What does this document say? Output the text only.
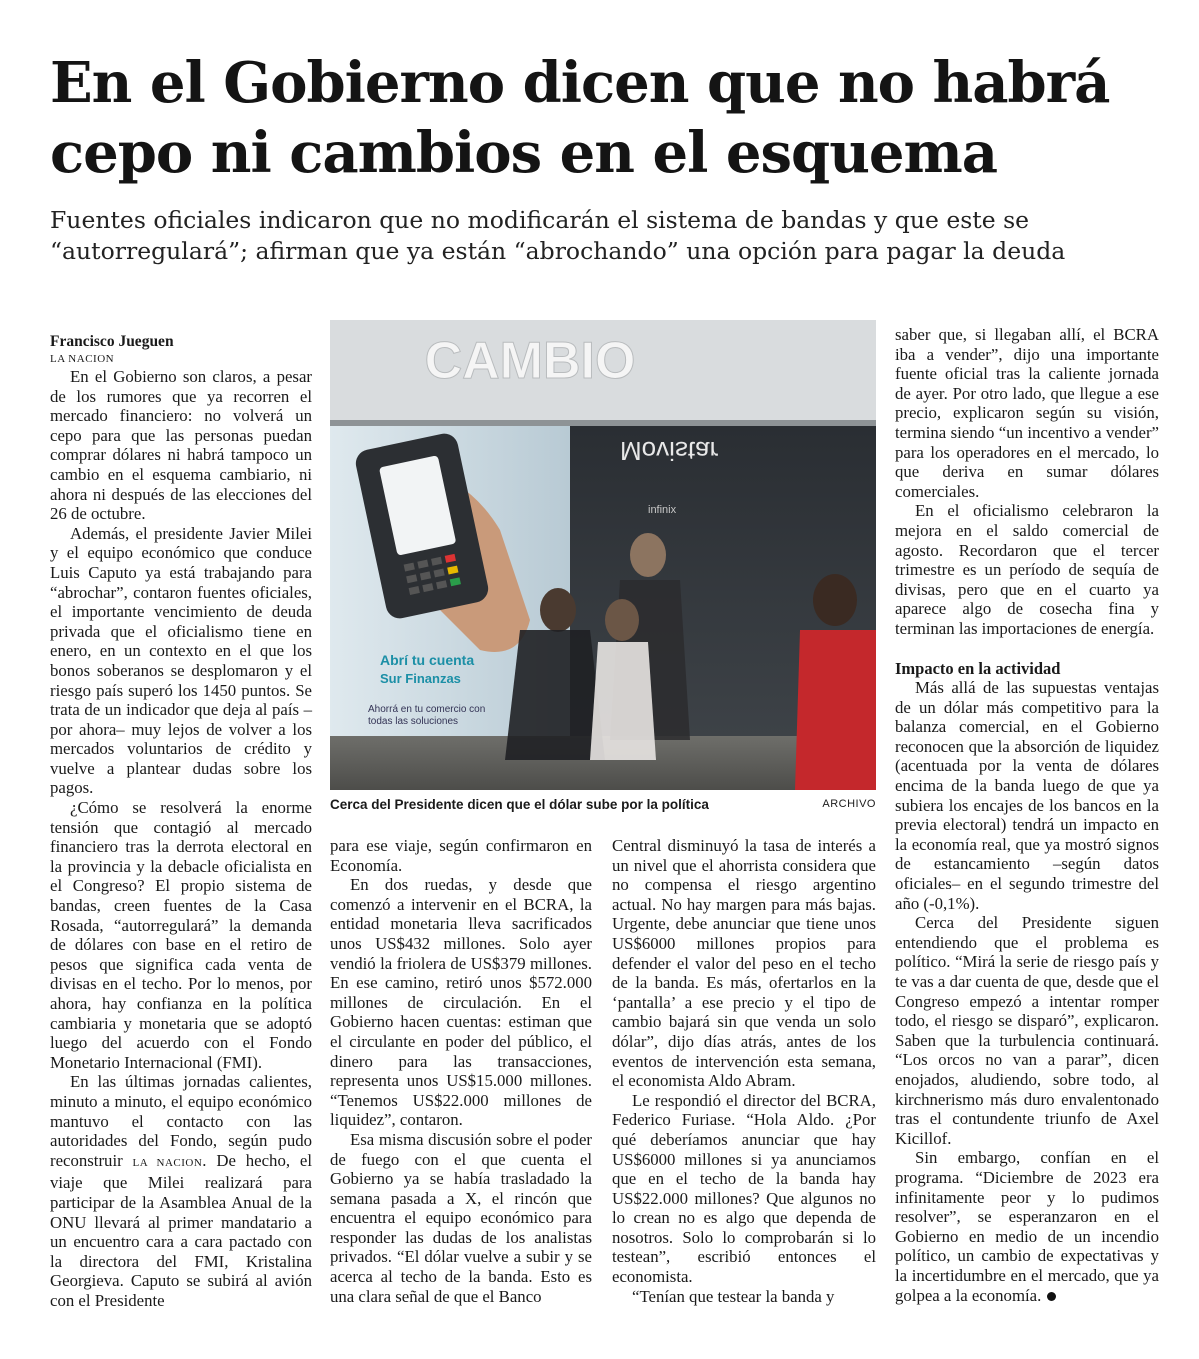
En el Gobierno dicen que no habrá cepo ni cambios en el esquema

Fuentes oficiales indicaron que no modificarán el sistema de bandas y que este se “autorregulará”; afirman que ya están “abrochando” una opción para pagar la deuda

Francisco Jueguen

LA NACION

En el Gobierno son claros, a pesar de los rumores que ya recorren el mercado financiero: no volverá un cepo para que las personas puedan comprar dólares ni habrá tampoco un cambio en el esquema cambiario, ni ahora ni después de las elecciones del 26 de octubre.

Además, el presidente Javier Milei y el equipo económico que conduce Luis Caputo ya está trabajando para “abrochar”, contaron fuentes oficiales, el importante vencimiento de deuda privada que el oficialismo tiene en enero, en un contexto en el que los bonos soberanos se desplomaron y el riesgo país superó los 1450 puntos. Se trata de un indicador que deja al país –por ahora– muy lejos de volver a los mercados voluntarios de crédito y vuelve a plantear dudas sobre los pagos.

¿Cómo se resolverá la enorme tensión que contagió al mercado financiero tras la derrota electoral en la provincia y la debacle oficialista en el Congreso? El propio sistema de bandas, creen fuentes de la Casa Rosada, “autorregulará” la demanda de dólares con base en el retiro de pesos que significa cada venta de divisas en el techo. Por lo menos, por ahora, hay confianza en la política cambiaria y monetaria que se adoptó luego del acuerdo con el Fondo Monetario Internacional (FMI).

En las últimas jornadas calientes, minuto a minuto, el equipo económico mantuvo el contacto con las autoridades del Fondo, según pudo reconstruir LA NACION. De hecho, el viaje que Milei realizará para participar de la Asamblea Anual de la ONU llevará al primer mandatario a un encuentro cara a cara pactado con la directora del FMI, Kristalina Georgieva. Caputo se subirá al avión con el Presidente

CAMBIO
Movistar
infinix
Abrí tu cuenta
Sur Finanzas
Ahorrá en tu comercio con
todas las soluciones
Cerca del Presidente dicen que el dólar sube por la política	ARCHIVO

para ese viaje, según confirmaron en Economía.

En dos ruedas, y desde que comenzó a intervenir en el BCRA, la entidad monetaria lleva sacrificados unos US$432 millones. Solo ayer vendió la friolera de US$379 millones. En ese camino, retiró unos $572.000 millones de circulación. En el Gobierno hacen cuentas: estiman que el circulante en poder del público, el dinero para las transacciones, representa unos US$15.000 millones. “Tenemos US$22.000 millones de liquidez”, contaron.

Esa misma discusión sobre el poder de fuego con el que cuenta el Gobierno ya se había trasladado la semana pasada a X, el rincón que encuentra el equipo económico para responder las dudas de los analistas privados. “El dólar vuelve a subir y se acerca al techo de la banda. Esto es una clara señal de que el Banco

Central disminuyó la tasa de interés a un nivel que el ahorrista considera que no compensa el riesgo argentino actual. No hay margen para más bajas. Urgente, debe anunciar que tiene unos US$6000 millones propios para defender el valor del peso en el techo de la banda. Es más, ofertarlos en la ‘pantalla’ a ese precio y el tipo de cambio bajará sin que venda un solo dólar”, dijo días atrás, antes de los eventos de intervención esta semana, el economista Aldo Abram.

Le respondió el director del BCRA, Federico Furiase. “Hola Aldo. ¿Por qué deberíamos anunciar que hay US$6000 millones si ya anunciamos que en el techo de la banda hay US$22.000 millones? Que algunos no lo crean no es algo que dependa de nosotros. Solo lo comprobarán si lo testean”, escribió entonces el economista.

“Tenían que testear la banda y

saber que, si llegaban allí, el BCRA iba a vender”, dijo una importante fuente oficial tras la caliente jornada de ayer. Por otro lado, que llegue a ese precio, explicaron según su visión, termina siendo “un incentivo a vender” para los operadores en el mercado, lo que deriva en sumar dólares comerciales.

En el oficialismo celebraron la mejora en el saldo comercial de agosto. Recordaron que el tercer trimestre es un período de sequía de divisas, pero que en el cuarto ya aparece algo de cosecha fina y terminan las importaciones de energía.

Impacto en la actividad

Más allá de las supuestas ventajas de un dólar más competitivo para la balanza comercial, en el Gobierno reconocen que la absorción de liquidez (acentuada por la venta de dólares encima de la banda luego de que ya subiera los encajes de los bancos en la previa electoral) tendrá un impacto en la economía real, que ya mostró signos de estancamiento –según datos oficiales– en el segundo trimestre del año (-0,1%).

Cerca del Presidente siguen entendiendo que el problema es político. “Mirá la serie de riesgo país y te vas a dar cuenta de que, desde que el Congreso empezó a intentar romper todo, el riesgo se disparó”, explicaron. Saben que la turbulencia continuará. “Los orcos no van a parar”, dicen enojados, aludiendo, sobre todo, al kirchnerismo más duro envalentonado tras el contundente triunfo de Axel Kicillof.

Sin embargo, confían en el programa. “Diciembre de 2023 era infinitamente peor y lo pudimos resolver”, se esperanzaron en el Gobierno en medio de un incendio político, un cambio de expectativas y la incertidumbre en el mercado, que ya golpea a la economía.
